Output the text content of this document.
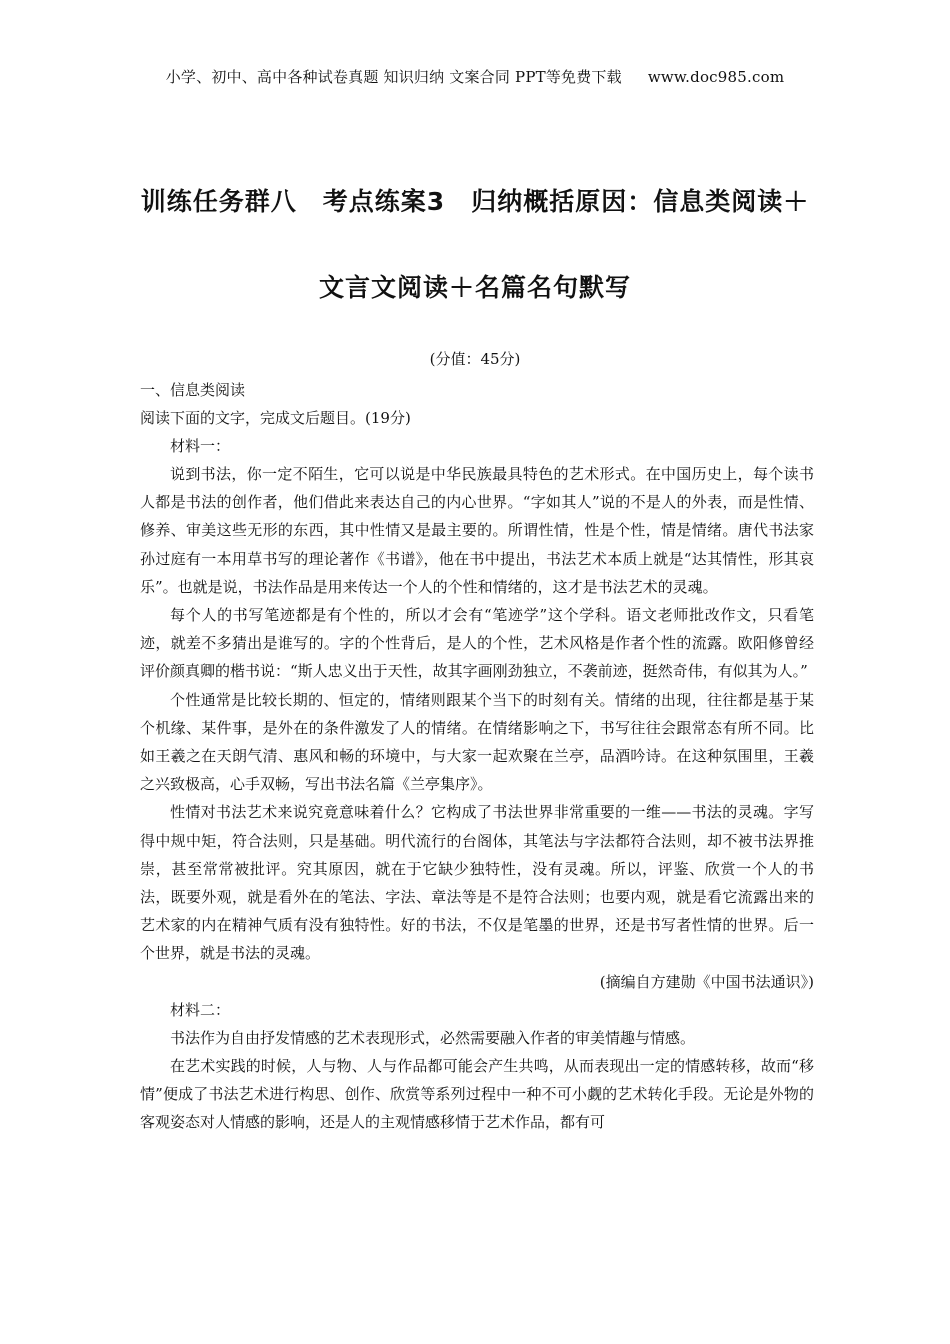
小学、初中、高中各种试卷真题 知识归纳 文案合同 PPT等免费下载 www.doc985.com
训练任务群八　考点练案3　归纳概括原因：信息类阅读＋
文言文阅读＋名篇名句默写
(分值：45分)
一、信息类阅读
阅读下面的文字，完成文后题目。(19分)
材料一：

说到书法，你一定不陌生，它可以说是中华民族最具特色的艺术形式。在中国历史上，每个读书人都是书法的创作者，他们借此来表达自己的内心世界。“字如其人”说的不是人的外表，而是性情、修养、审美这些无形的东西，其中性情又是最主要的。所谓性情，性是个性，情是情绪。唐代书法家孙过庭有一本用草书写的理论著作《书谱》，他在书中提出，书法艺术本质上就是“达其情性，形其哀乐”。也就是说，书法作品是用来传达一个人的个性和情绪的，这才是书法艺术的灵魂。

每个人的书写笔迹都是有个性的，所以才会有“笔迹学”这个学科。语文老师批改作文，只看笔迹，就差不多猜出是谁写的。字的个性背后，是人的个性，艺术风格是作者个性的流露。欧阳修曾经评价颜真卿的楷书说：“斯人忠义出于天性，故其字画刚劲独立，不袭前迹，挺然奇伟，有似其为人。”

个性通常是比较长期的、恒定的，情绪则跟某个当下的时刻有关。情绪的出现，往往都是基于某个机缘、某件事，是外在的条件激发了人的情绪。在情绪影响之下，书写往往会跟常态有所不同。比如王羲之在天朗气清、惠风和畅的环境中，与大家一起欢聚在兰亭，品酒吟诗。在这种氛围里，王羲之兴致极高，心手双畅，写出书法名篇《兰亭集序》。

性情对书法艺术来说究竟意味着什么？它构成了书法世界非常重要的一维——书法的灵魂。字写得中规中矩，符合法则，只是基础。明代流行的台阁体，其笔法与字法都符合法则，却不被书法界推崇，甚至常常被批评。究其原因，就在于它缺少独特性，没有灵魂。所以，评鉴、欣赏一个人的书法，既要外观，就是看外在的笔法、字法、章法等是不是符合法则；也要内观，就是看它流露出来的艺术家的内在精神气质有没有独特性。好的书法，不仅是笔墨的世界，还是书写者性情的世界。后一个世界，就是书法的灵魂。

(摘编自方建勋《中国书法通识》)
材料二：

书法作为自由抒发情感的艺术表现形式，必然需要融入作者的审美情趣与情感。

在艺术实践的时候，人与物、人与作品都可能会产生共鸣，从而表现出一定的情感转移，故而“移情”便成了书法艺术进行构思、创作、欣赏等系列过程中一种不可小觑的艺术转化手段。无论是外物的客观姿态对人情感的影响，还是人的主观情感移情于艺术作品，都有可
